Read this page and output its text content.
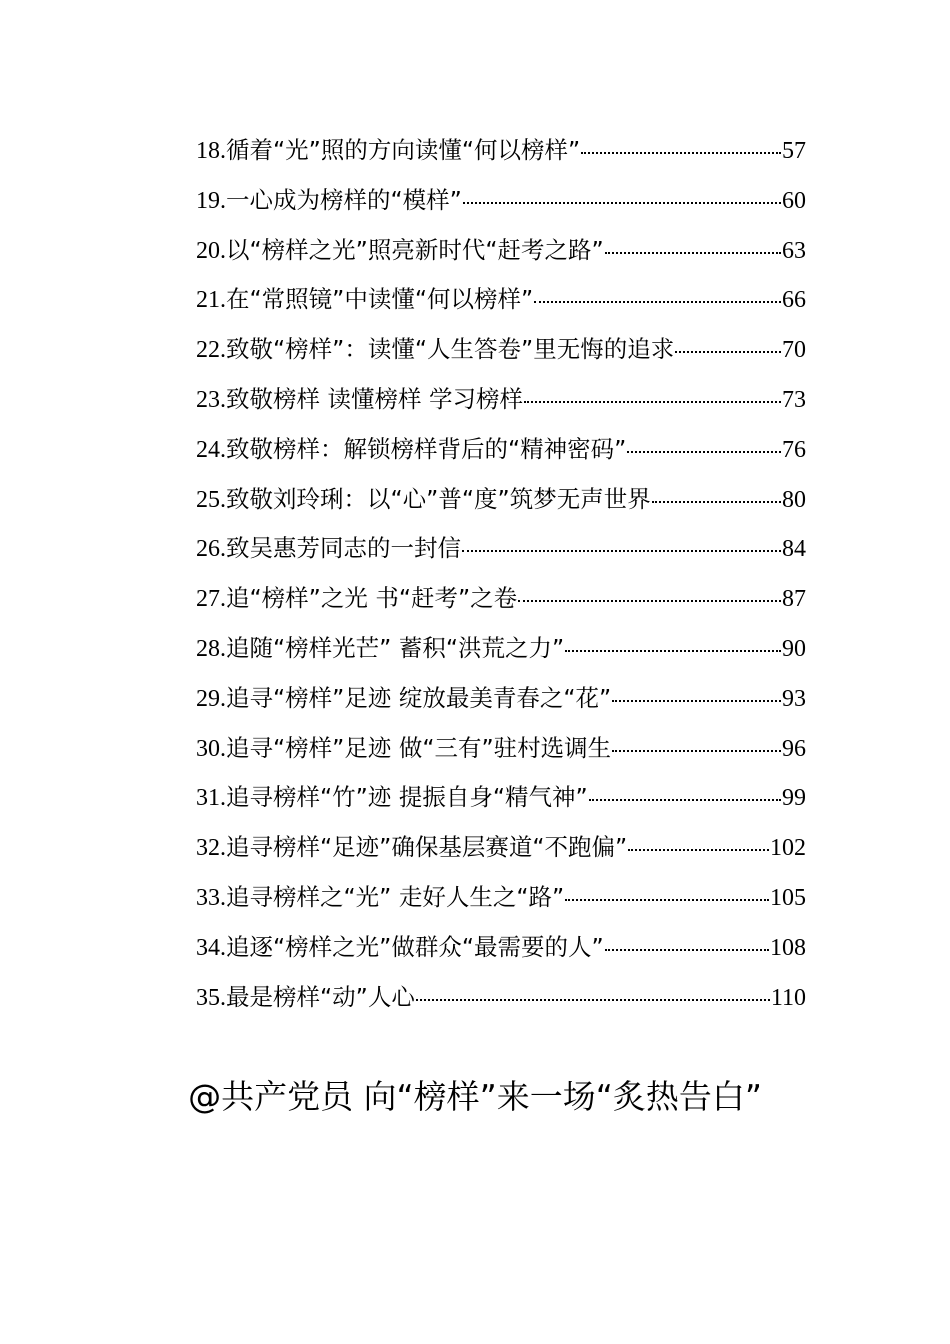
18. 循着“光”照的方向读懂“何以榜样”	57
19. 一心成为榜样的“模样”	60
20. 以“榜样之光”照亮新时代“赶考之路”	63
21. 在“常照镜”中读懂“何以榜样”	66
22. 致敬“榜样”：读懂“人生答卷”里无悔的追求	70
23. 致敬榜样 读懂榜样 学习榜样	73
24. 致敬榜样：解锁榜样背后的“精神密码”	76
25. 致敬刘玲琍：以“心”普“度”筑梦无声世界	80
26. 致吴惠芳同志的一封信	84
27. 追“榜样”之光 书“赶考”之卷	87
28. 追随“榜样光芒” 蓄积“洪荒之力”	90
29. 追寻“榜样”足迹 绽放最美青春之“花”	93
30. 追寻“榜样”足迹 做“三有”驻村选调生	96
31. 追寻榜样“竹”迹 提振自身“精气神”	99
32. 追寻榜样“足迹”确保基层赛道“不跑偏”	102
33. 追寻榜样之“光” 走好人生之“路”	105
34. 追逐“榜样之光”做群众“最需要的人”	108
35. 最是榜样“动”人心	110
@共产党员 向“榜样”来一场“炙热告白”
